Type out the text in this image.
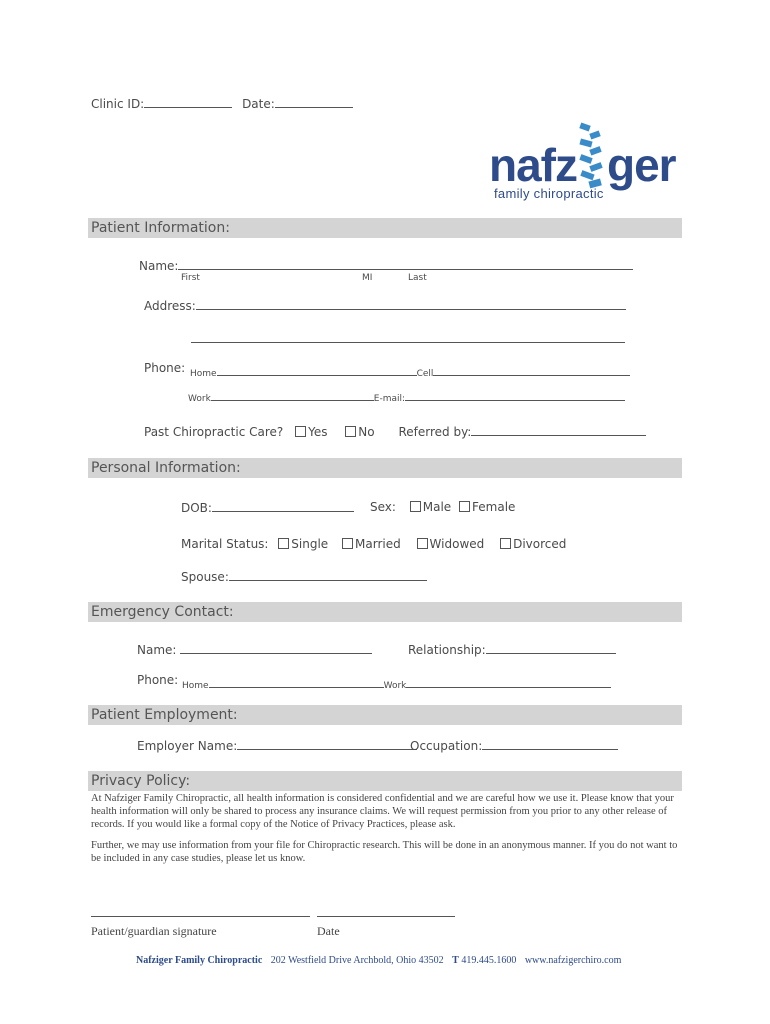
Clinic ID:	Date:
nafz ger
family chiropractic
Patient Information:
Name:
First	MI	Last
Address:
Phone: Home	Cell
Work	E-mail:
Past Chiropractic Care? Yes	No Referred by:
Personal Information:
DOB:	Sex: Male Female
Marital Status: Single Married Widowed Divorced
Spouse:
Emergency Contact:
Name:	Relationship:
Phone: Home	Work
Patient Employment:
Employer Name:	Occupation:
Privacy Policy:
At Nafziger Family Chiropractic, all health information is considered confidential and we are careful how we use it. Please know that your health information will only be shared to process any insurance claims. We will request permission from you prior to any other release of records. If you would like a formal copy of the Notice of Privacy Practices, please ask.
Further, we may use information from your file for Chiropractic research. This will be done in an anonymous manner. If you do not want to be included in any case studies, please let us know.
Patient/guardian signature	Date
Nafziger Family Chiropractic 202 Westfield Drive Archbold, Ohio 43502 T 419.445.1600 www.nafzigerchiro.com
